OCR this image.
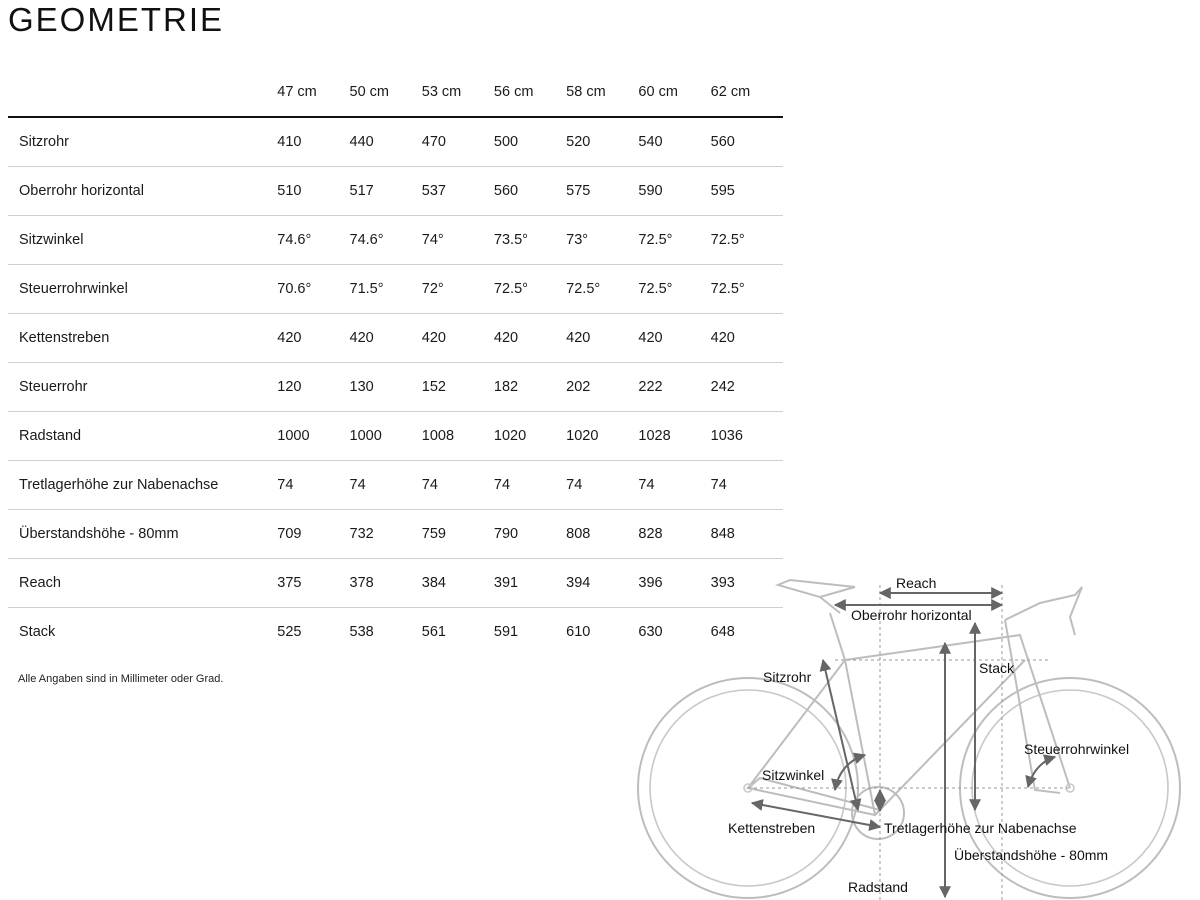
GEOMETRIE
	47 cm	50 cm	53 cm	56 cm	58 cm	60 cm	62 cm
Sitzrohr	410	440	470	500	520	540	560
Oberrohr horizontal	510	517	537	560	575	590	595
Sitzwinkel	74.6°	74.6°	74°	73.5°	73°	72.5°	72.5°
Steuerrohrwinkel	70.6°	71.5°	72°	72.5°	72.5°	72.5°	72.5°
Kettenstreben	420	420	420	420	420	420	420
Steuerrohr	120	130	152	182	202	222	242
Radstand	1000	1000	1008	1020	1020	1028	1036
Tretlagerhöhe zur Nabenachse	74	74	74	74	74	74	74
Überstandshöhe - 80mm	709	732	759	790	808	828	848
Reach	375	378	384	391	394	396	393
Stack	525	538	561	591	610	630	648
Alle Angaben sind in Millimeter oder Grad.
Reach
Oberrohr horizontal
Stack
Sitzrohr
Steuerrohrwinkel
Sitzwinkel
Kettenstreben	Tretlagerhöhe zur Nabenachse
Überstandshöhe - 80mm
Radstand
